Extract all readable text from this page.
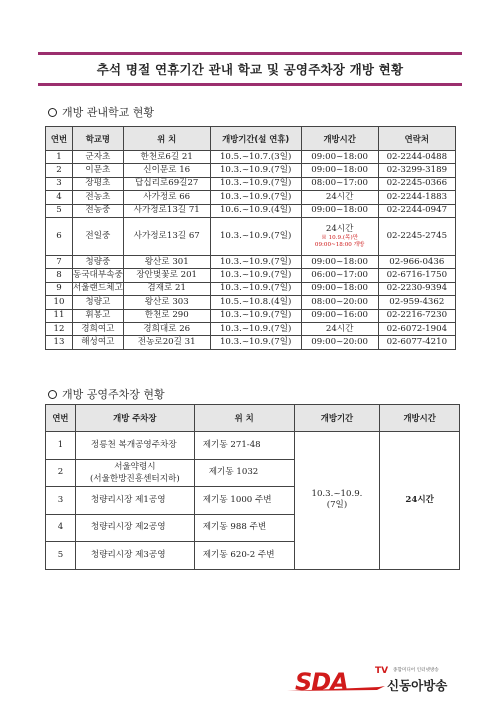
추석 명절 연휴기간 관내 학교 및 공영주차장 개방 현황
개방 관내학교 현황
연번	학교명	위 치	개방기간(설 연휴)	개방시간	연락처
1	군자초	한천로6길 21	10.5.~10.7.(3일)	09:00~18:00	02-2244-0488
2	이문초	신이문로 16	10.3.~10.9.(7일)	09:00~18:00	02-3299-3189
3	장평초	답십리로69길27	10.3.~10.9.(7일)	08:00~17:00	02-2245-0366
4	전농초	사가정로 66	10.3.~10.9.(7일)	24시간	02-2244-1883
5	전농중	사가정로13길 71	10.6.~10.9.(4일)	09:00~18:00	02-2244-0947
6	전일중	사가정로13길 67	10.3.~10.9.(7일)	24시간
※ 10.9.(목)만
09:00~18:00 개방	02-2245-2745
7	청량중	왕산로 301	10.3.~10.9.(7일)	09:00~18:00	02-966-0436
8	동국대부속중	장안벚꽃로 201	10.3.~10.9.(7일)	06:00~17:00	02-6716-1750
9	서울랜드체고	겸재로 21	10.3.~10.9.(7일)	09:00~18:00	02-2230-9394
10	청량고	왕산로 303	10.5.~10.8.(4일)	08:00~20:00	02-959-4362
11	휘봉고	한천로 290	10.3.~10.9.(7일)	09:00~16:00	02-2216-7230
12	경희여고	경희대로 26	10.3.~10.9.(7일)	24시간	02-6072-1904
13	해성여고	전농로20길 31	10.3.~10.9.(7일)	09:00~20:00	02-6077-4210
개방 공영주차장 현황
연번	개방 주차장	위 치	개방기간	개방시간
1	정릉천 복개공영주차장	제기동 271-48	10.3.~10.9.
(7일)	24시간
2	서울약령시
(서울한방진흥센터지하)	제기동 1032		
3	청량리시장 제1공영	제기동 1000 주변		
4	청량리시장 제2공영	제기동 988 주변		
5	청량리시장 제3공영	제기동 620-2 주변		
SDA	TV 종합미디어 인터넷방송
신동아방송
